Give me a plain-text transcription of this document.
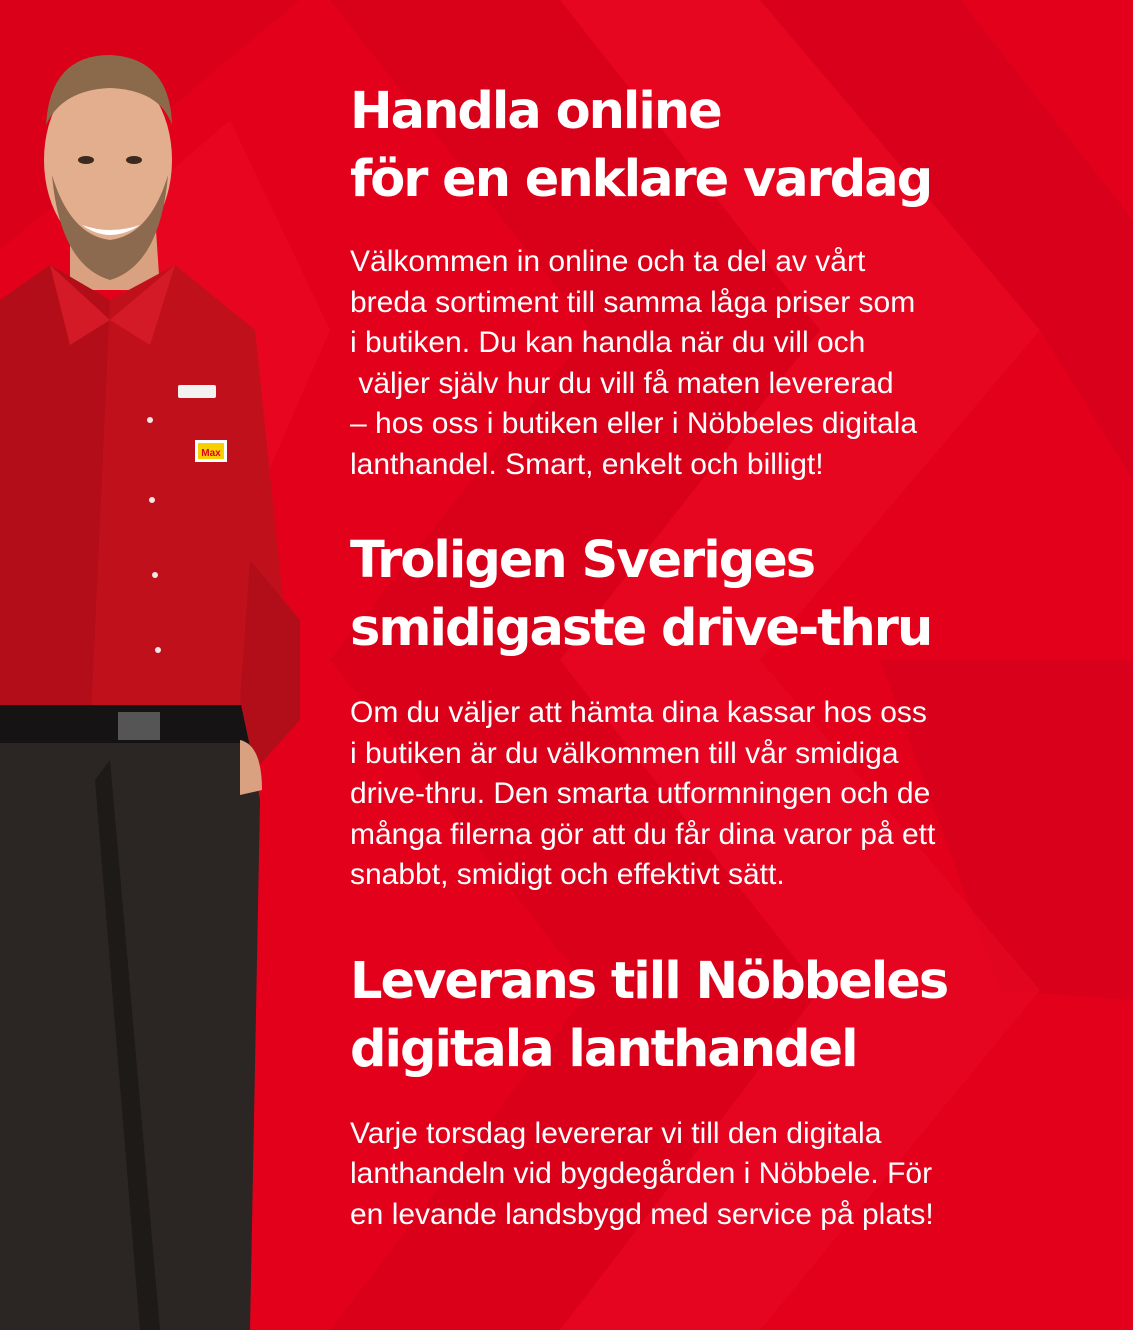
Max
Handla online
för en enklare vardag

Välkommen in online och ta del av vårt
breda sortiment till samma låga priser som
i butiken. Du kan handla när du vill och
väljer själv hur du vill få maten levererad
– hos oss i butiken eller i Nöbbeles digitala
lanthandel. Smart, enkelt och billigt!

Troligen Sveriges
smidigaste drive-thru

Om du väljer att hämta dina kassar hos oss
i butiken är du välkommen till vår smidiga
drive-thru. Den smarta utformningen och de
många filerna gör att du får dina varor på ett
snabbt, smidigt och effektivt sätt.

Leverans till Nöbbeles
digitala lanthandel

Varje torsdag levererar vi till den digitala
lanthandeln vid bygdegården i Nöbbele. För
en levande landsbygd med service på plats!
